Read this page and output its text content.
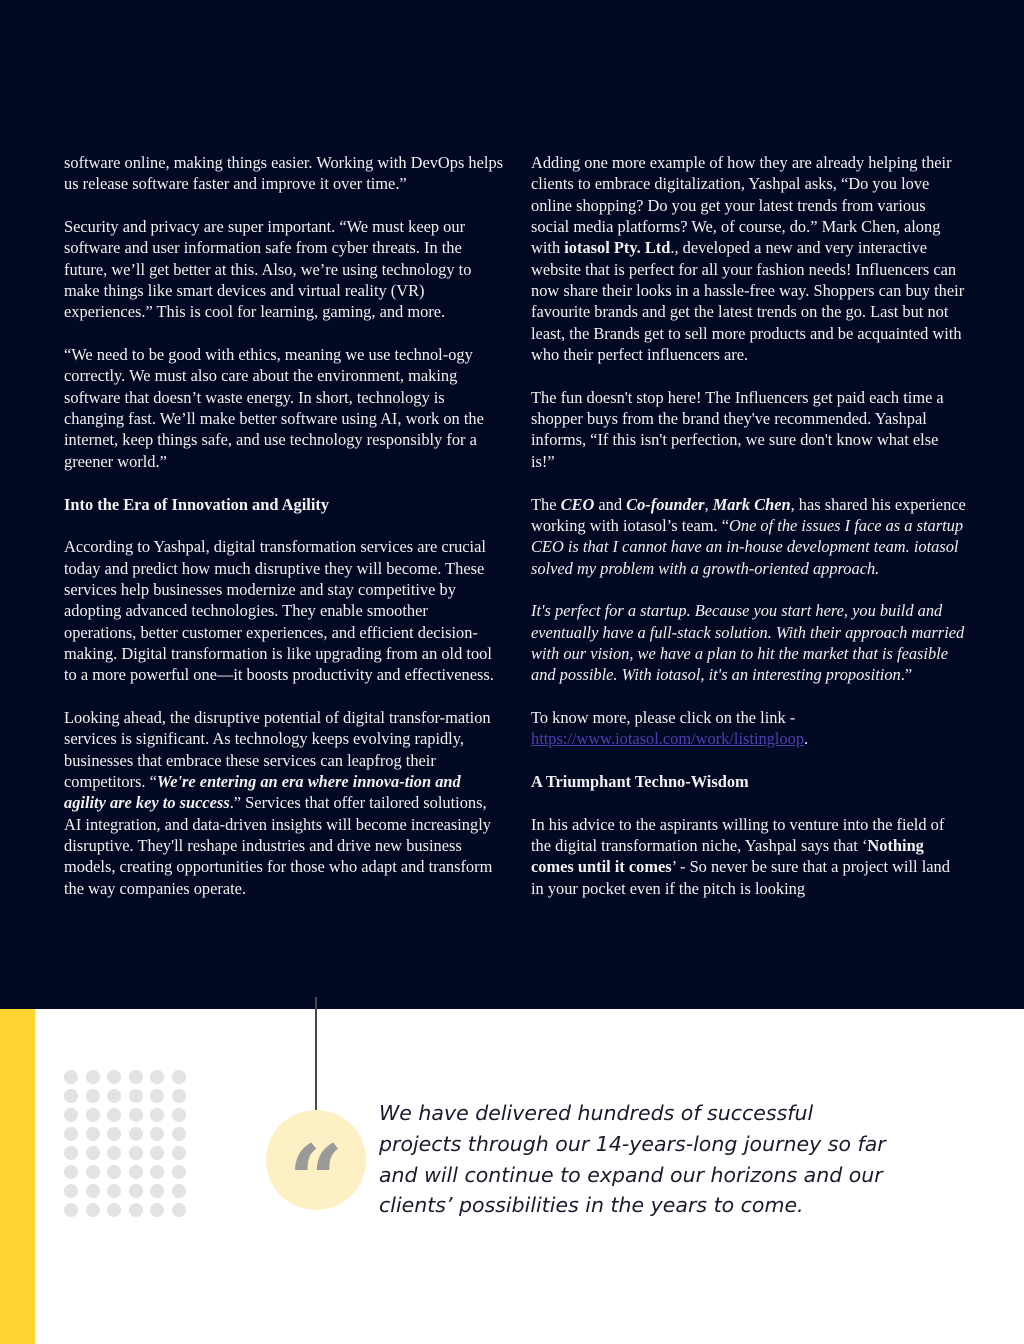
software online, making things easier. Working with DevOps helps us release software faster and improve it over time.”

Security and privacy are super important. “We must keep our software and user information safe from cyber threats. In the future, we’ll get better at this. Also, we’re using technology to make things like smart devices and virtual reality (VR) experiences.” This is cool for learning, gaming, and more.

“We need to be good with ethics, meaning we use technol-ogy correctly. We must also care about the environment, making software that doesn’t waste energy. In short, technology is changing fast. We’ll make better software using AI, work on the internet, keep things safe, and use technology responsibly for a greener world.”

Into the Era of Innovation and Agility

According to Yashpal, digital transformation services are crucial today and predict how much disruptive they will become. These services help businesses modernize and stay competitive by adopting advanced technologies. They enable smoother operations, better customer experiences, and efficient decision-making. Digital transformation is like upgrading from an old tool to a more powerful one—it boosts productivity and effectiveness.

Looking ahead, the disruptive potential of digital transfor-mation services is significant. As technology keeps evolving rapidly, businesses that embrace these services can leapfrog their competitors. “We're entering an era where innova-tion and agility are key to success.” Services that offer tailored solutions, AI integration, and data-driven insights will become increasingly disruptive. They'll reshape industries and drive new business models, creating opportunities for those who adapt and transform the way companies operate.

Adding one more example of how they are already helping their clients to embrace digitalization, Yashpal asks, “Do you love online shopping? Do you get your latest trends from various social media platforms? We, of course, do.” Mark Chen, along with iotasol Pty. Ltd., developed a new and very interactive website that is perfect for all your fashion needs! Influencers can now share their looks in a hassle-free way. Shoppers can buy their favourite brands and get the latest trends on the go. Last but not least, the Brands get to sell more products and be acquainted with who their perfect influencers are.

The fun doesn't stop here! The Influencers get paid each time a shopper buys from the brand they've recommended. Yashpal informs, “If this isn't perfection, we sure don't know what else is!”

The CEO and Co-founder, Mark Chen, has shared his experience working with iotasol’s team. “One of the issues I face as a startup CEO is that I cannot have an in-house development team. iotasol solved my problem with a growth-oriented approach.

It's perfect for a startup. Because you start here, you build and eventually have a full-stack solution. With their approach married with our vision, we have a plan to hit the market that is feasible and possible. With iotasol, it's an interesting proposition.”

To know more, please click on the link - https://www.iotasol.com/work/listingloop.

A Triumphant Techno-Wisdom

In his advice to the aspirants willing to venture into the field of the digital transformation niche, Yashpal says that ‘Nothing comes until it comes’ - So never be sure that a project will land in your pocket even if the pitch is looking

“

We have delivered hundreds of successful projects through our 14-years-long journey so far and will continue to expand our horizons and our clients’ possibilities in the years to come.
